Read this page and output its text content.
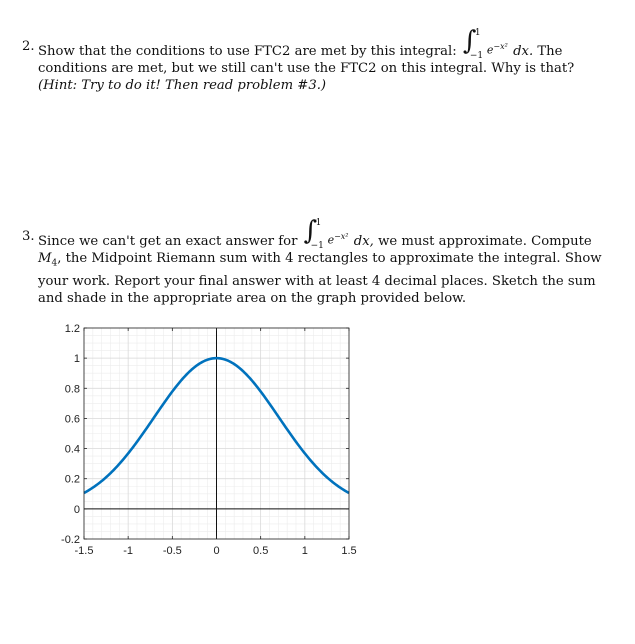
2. Show that the conditions to use FTC2 are met by this integral: ∫
1
−1 $e^{-x^2}$ dx. The conditions are met, but we still can't use the FTC2 on this integral. Why is that? (Hint: Try to do it! Then read problem #3.)
3. Since we can't get an exact answer for ∫
1
−1 $e^{-x^2}$ dx, we must approximate. Compute $M_4$, the Midpoint Riemann sum with 4 rectangles to approximate the integral. Show your work. Report your final answer with at least 4 decimal places. Sketch the sum and shade in the appropriate area on the graph provided below.
-1.5	-1	-0.5	0	0.5	1	1.5
-0.2
0
0.2
0.4
0.6
0.8
1
1.2
